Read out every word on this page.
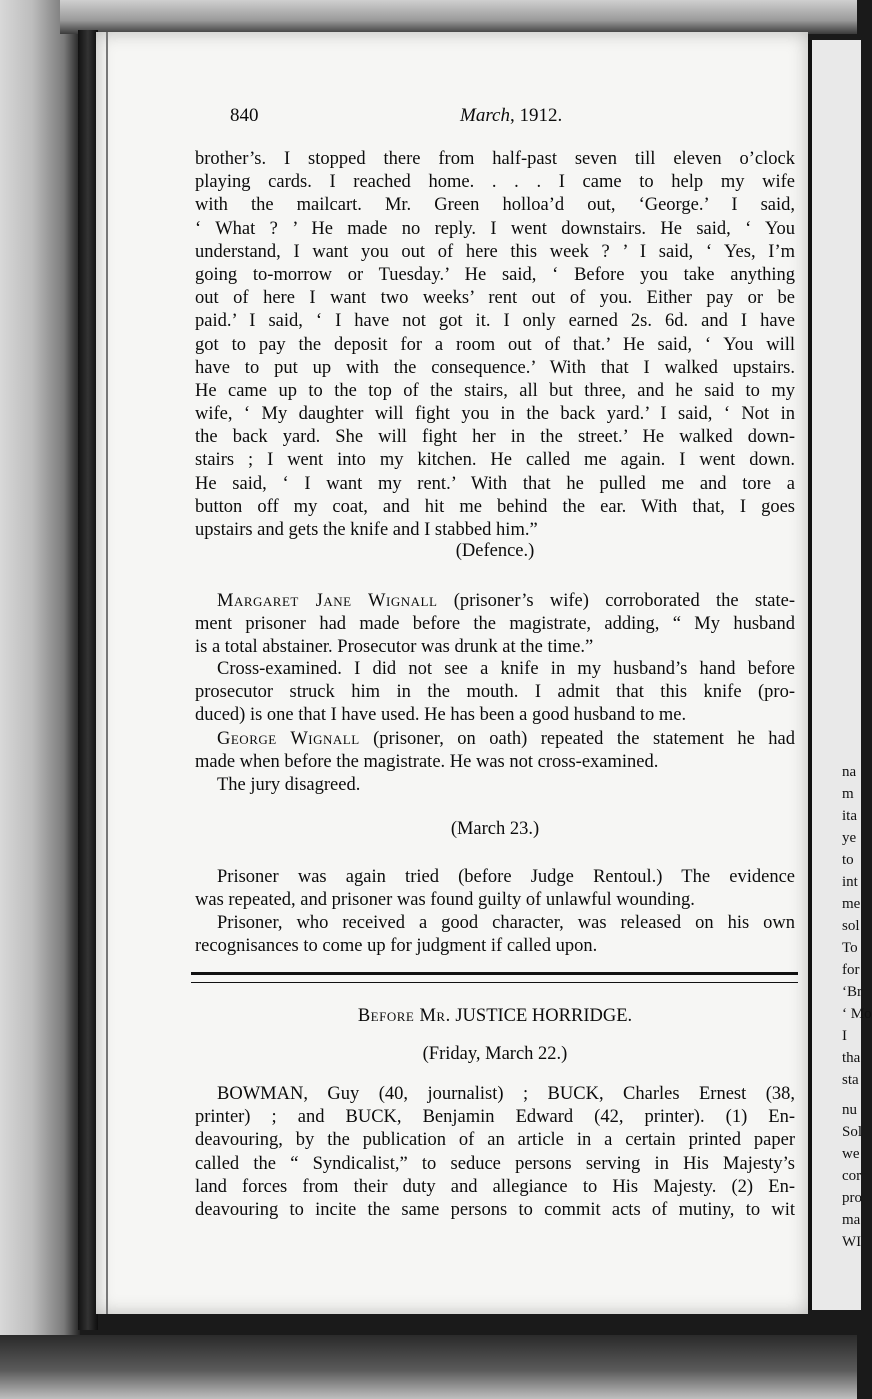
na
m
ita
ye
to
int
me
sol
To
for
‘Br
‘ Mo
I
tha
sta
nu
Sol
we
cor
pro
ma
WI
840	March, 1912.
brother’s. I stopped there from half-past seven till eleven o’clock
playing cards. I reached home. . . . I came to help my wife
with the mailcart. Mr. Green holloa’d out, ‘George.’ I said,
‘ What ? ’ He made no reply. I went downstairs. He said, ‘ You
understand, I want you out of here this week ? ’ I said, ‘ Yes, I’m
going to-morrow or Tuesday.’ He said, ‘ Before you take anything
out of here I want two weeks’ rent out of you. Either pay or be
paid.’ I said, ‘ I have not got it. I only earned 2s. 6d. and I have
got to pay the deposit for a room out of that.’ He said, ‘ You will
have to put up with the consequence.’ With that I walked upstairs.
He came up to the top of the stairs, all but three, and he said to my
wife, ‘ My daughter will fight you in the back yard.’ I said, ‘ Not in
the back yard. She will fight her in the street.’ He walked down-
stairs ; I went into my kitchen. He called me again. I went down.
He said, ‘ I want my rent.’ With that he pulled me and tore a
button off my coat, and hit me behind the ear. With that, I goes
upstairs and gets the knife and I stabbed him.”
(Defence.)
Margaret Jane Wignall (prisoner’s wife) corroborated the state-
ment prisoner had made before the magistrate, adding, “ My husband
is a total abstainer. Prosecutor was drunk at the time.”
Cross-examined. I did not see a knife in my husband’s hand before
prosecutor struck him in the mouth. I admit that this knife (pro-
duced) is one that I have used. He has been a good husband to me.
George Wignall (prisoner, on oath) repeated the statement he had
made when before the magistrate. He was not cross-examined.
The jury disagreed.
(March 23.)
Prisoner was again tried (before Judge Rentoul.) The evidence
was repeated, and prisoner was found guilty of unlawful wounding.
Prisoner, who received a good character, was released on his own
recognisances to come up for judgment if called upon.
Before Mr. JUSTICE HORRIDGE.
(Friday, March 22.)
BOWMAN, Guy (40, journalist) ; BUCK, Charles Ernest (38,
printer) ; and BUCK, Benjamin Edward (42, printer). (1) En-
deavouring, by the publication of an article in a certain printed paper
called the “ Syndicalist,” to seduce persons serving in His Majesty’s
land forces from their duty and allegiance to His Majesty. (2) En-
deavouring to incite the same persons to commit acts of mutiny, to wit
